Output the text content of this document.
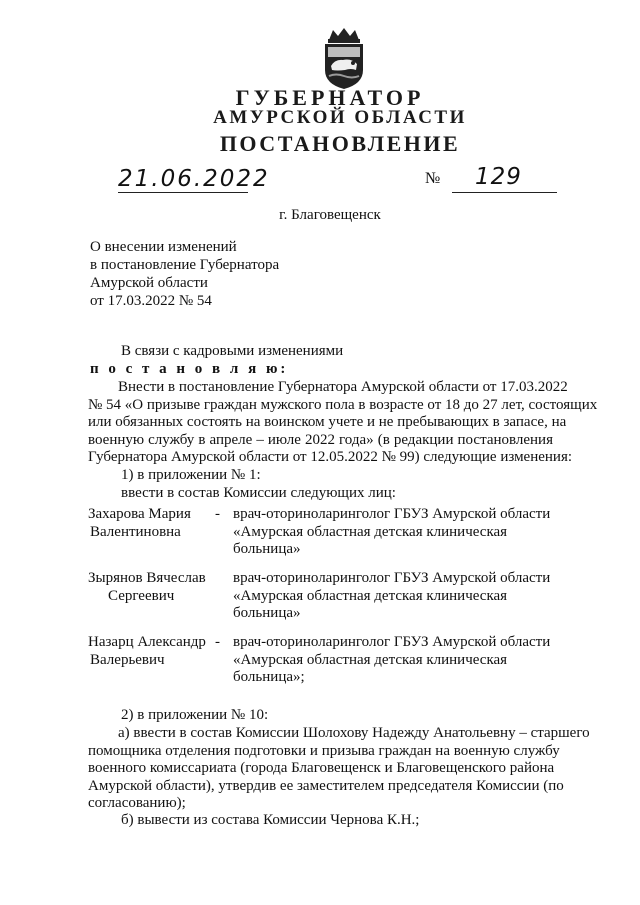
ГУБЕРНАТОР
АМУРСКОЙ ОБЛАСТИ
ПОСТАНОВЛЕНИЕ
21.06.2022	№ 129
г. Благовещенск
О внесении изменений
в постановление Губернатора
Амурской области
от 17.03.2022 № 54
В связи с кадровыми изменениями
п о с т а н о в л я ю:
Внести в постановление Губернатора Амурской области от 17.03.2022
№ 54 «О призыве граждан мужского пола в возрасте от 18 до 27 лет, состоящих
или обязанных состоять на воинском учете и не пребывающих в запасе, на
военную службу в апреле – июле 2022 года» (в редакции постановления
Губернатора Амурской области от 12.05.2022 № 99) следующие изменения:
1) в приложении № 1:
ввести в состав Комиссии следующих лиц:
Захарова Мария
Валентиновна
- врач-оториноларинголог ГБУЗ Амурской области
«Амурская областная детская клиническая
больница»
Зырянов Вячеслав
Сергеевич
врач-оториноларинголог ГБУЗ Амурской области
«Амурская областная детская клиническая
больница»
Назарц Александр
Валерьевич
- врач-оториноларинголог ГБУЗ Амурской области
«Амурская областная детская клиническая
больница»;
2) в приложении № 10:
а) ввести в состав Комиссии Шолохову Надежду Анатольевну – старшего
помощника отделения подготовки и призыва граждан на военную службу
военного комиссариата (города Благовещенск и Благовещенского района
Амурской области), утвердив ее заместителем председателя Комиссии (по
согласованию);
б) вывести из состава Комиссии Чернова К.Н.;
